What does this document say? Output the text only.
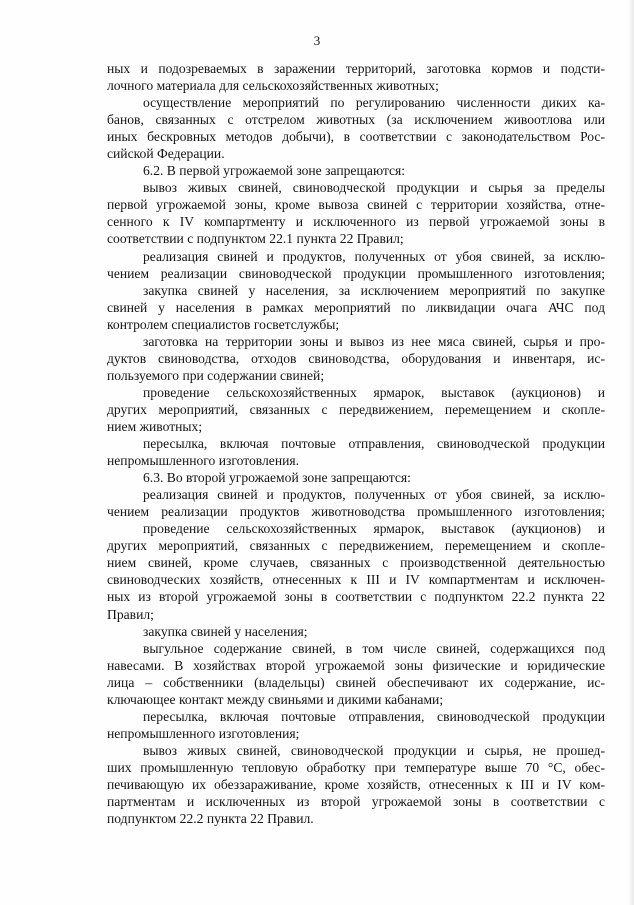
3
ных и подозреваемых в заражении территорий, заготовка кормов и подсти-
лочного материала для сельскохозяйственных животных;
осуществление мероприятий по регулированию численности диких ка-
банов, связанных с отстрелом животных (за исключением живоотлова или
иных бескровных методов добычи), в соответствии с законодательством Рос-
сийской Федерации.
6.2. В первой угрожаемой зоне запрещаются:
вывоз живых свиней, свиноводческой продукции и сырья за пределы
первой угрожаемой зоны, кроме вывоза свиней с территории хозяйства, отне-
сенного к IV компартменту и исключенного из первой угрожаемой зоны в
соответствии с подпунктом 22.1 пункта 22 Правил;
реализация свиней и продуктов, полученных от убоя свиней, за исклю-
чением реализации свиноводческой продукции промышленного изготовления;
закупка свиней у населения, за исключением мероприятий по закупке
свиней у населения в рамках мероприятий по ликвидации очага АЧС под
контролем специалистов госветслужбы;
заготовка на территории зоны и вывоз из нее мяса свиней, сырья и про-
дуктов свиноводства, отходов свиноводства, оборудования и инвентаря, ис-
пользуемого при содержании свиней;
проведение сельскохозяйственных ярмарок, выставок (аукционов) и
других мероприятий, связанных с передвижением, перемещением и скопле-
нием животных;
пересылка, включая почтовые отправления, свиноводческой продукции
непромышленного изготовления.
6.3. Во второй угрожаемой зоне запрещаются:
реализация свиней и продуктов, полученных от убоя свиней, за исклю-
чением реализации продуктов животноводства промышленного изготовления;
проведение сельскохозяйственных ярмарок, выставок (аукционов) и
других мероприятий, связанных с передвижением, перемещением и скопле-
нием свиней, кроме случаев, связанных с производственной деятельностью
свиноводческих хозяйств, отнесенных к III и IV компартментам и исключен-
ных из второй угрожаемой зоны в соответствии с подпунктом 22.2 пункта 22
Правил;
закупка свиней у населения;
выгульное содержание свиней, в том числе свиней, содержащихся под
навесами. В хозяйствах второй угрожаемой зоны физические и юридические
лица – собственники (владельцы) свиней обеспечивают их содержание, ис-
ключающее контакт между свиньями и дикими кабанами;
пересылка, включая почтовые отправления, свиноводческой продукции
непромышленного изготовления;
вывоз живых свиней, свиноводческой продукции и сырья, не прошед-
ших промышленную тепловую обработку при температуре выше 70 °С, обес-
печивающую их обеззараживание, кроме хозяйств, отнесенных к III и IV ком-
партментам и исключенных из второй угрожаемой зоны в соответствии с
подпунктом 22.2 пункта 22 Правил.
